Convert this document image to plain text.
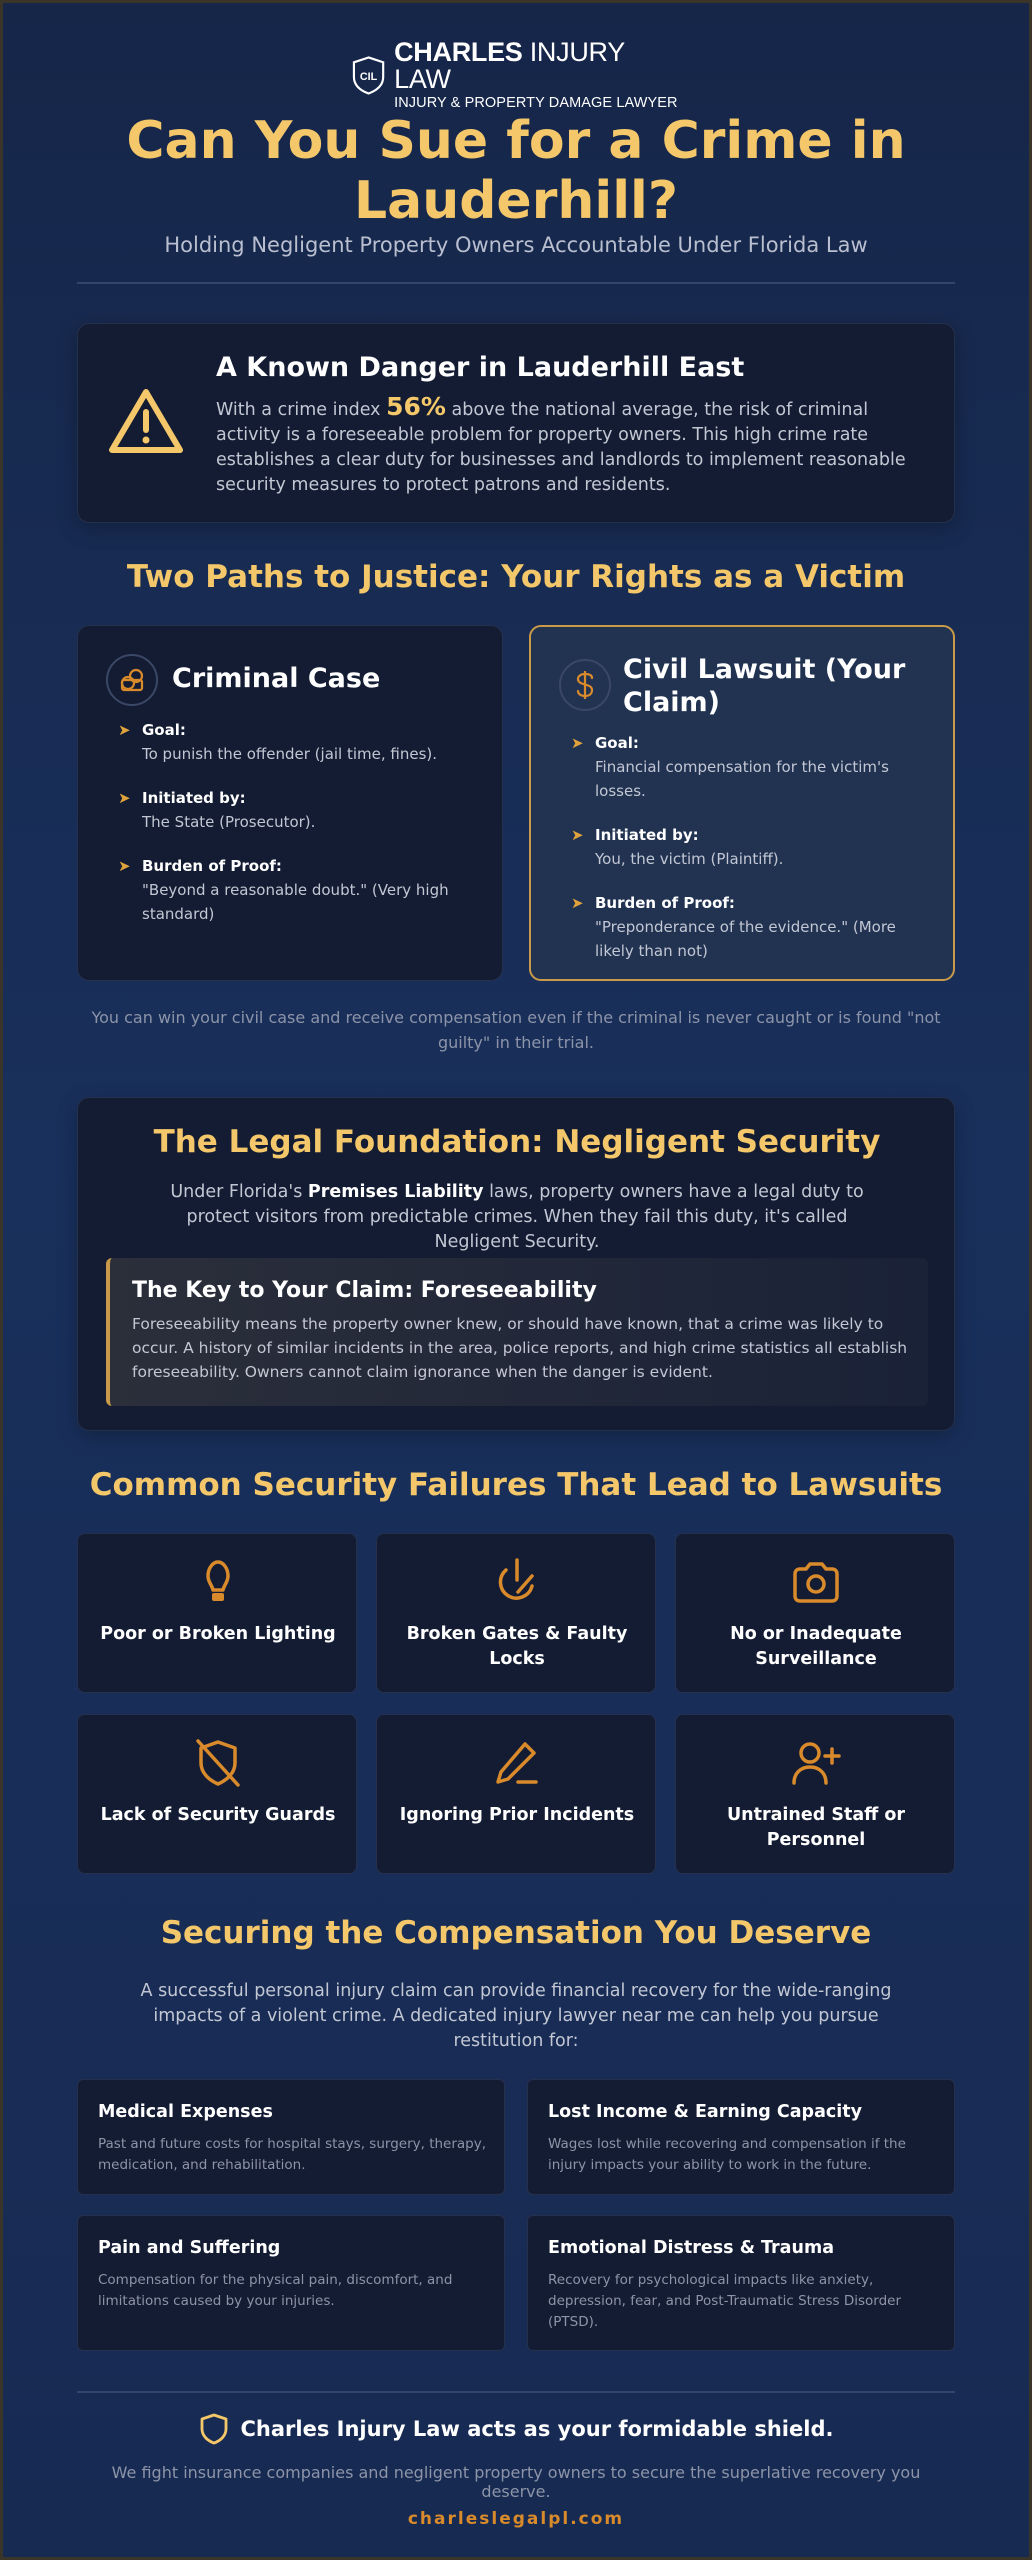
CIL
CHARLES INJURY LAW
INJURY & PROPERTY DAMAGE LAWYER
Can You Sue for a Crime in Lauderhill?
Holding Negligent Property Owners Accountable Under Florida Law
A Known Danger in Lauderhill East
With a crime index 56% above the national average, the risk of criminal activity is a foreseeable problem for property owners. This high crime rate establishes a clear duty for businesses and landlords to implement reasonable security measures to protect patrons and residents.
Two Paths to Justice: Your Rights as a Victim
Criminal Case
➤ Goal:
To punish the offender (jail time, fines).
➤ Initiated by:
The State (Prosecutor).
➤ Burden of Proof:
"Beyond a reasonable doubt." (Very high standard)
Civil Lawsuit (Your Claim)
➤ Goal:
Financial compensation for the victim's losses.
➤ Initiated by:
You, the victim (Plaintiff).
➤ Burden of Proof:
"Preponderance of the evidence." (More likely than not)
You can win your civil case and receive compensation even if the criminal is never caught or is found "not guilty" in their trial.
The Legal Foundation: Negligent Security
Under Florida's Premises Liability laws, property owners have a legal duty to protect visitors from predictable crimes. When they fail this duty, it's called Negligent Security.
The Key to Your Claim: Foreseeability
Foreseeability means the property owner knew, or should have known, that a crime was likely to occur. A history of similar incidents in the area, police reports, and high crime statistics all establish foreseeability. Owners cannot claim ignorance when the danger is evident.
Common Security Failures That Lead to Lawsuits
Poor or Broken Lighting	Broken Gates & Faulty Locks
No or Inadequate Surveillance
Lack of Security Guards	Ignoring Prior Incidents	Untrained Staff or Personnel
Securing the Compensation You Deserve
A successful personal injury claim can provide financial recovery for the wide-ranging impacts of a violent crime. A dedicated injury lawyer near me can help you pursue restitution for:
Medical Expenses
Past and future costs for hospital stays, surgery, therapy, medication, and rehabilitation.
Lost Income & Earning Capacity
Wages lost while recovering and compensation if the injury impacts your ability to work in the future.
Pain and Suffering
Compensation for the physical pain, discomfort, and limitations caused by your injuries.
Emotional Distress & Trauma
Recovery for psychological impacts like anxiety, depression, fear, and Post-Traumatic Stress Disorder (PTSD).
Charles Injury Law acts as your formidable shield.
We fight insurance companies and negligent property owners to secure the superlative recovery you deserve.
charleslegalpl.com
